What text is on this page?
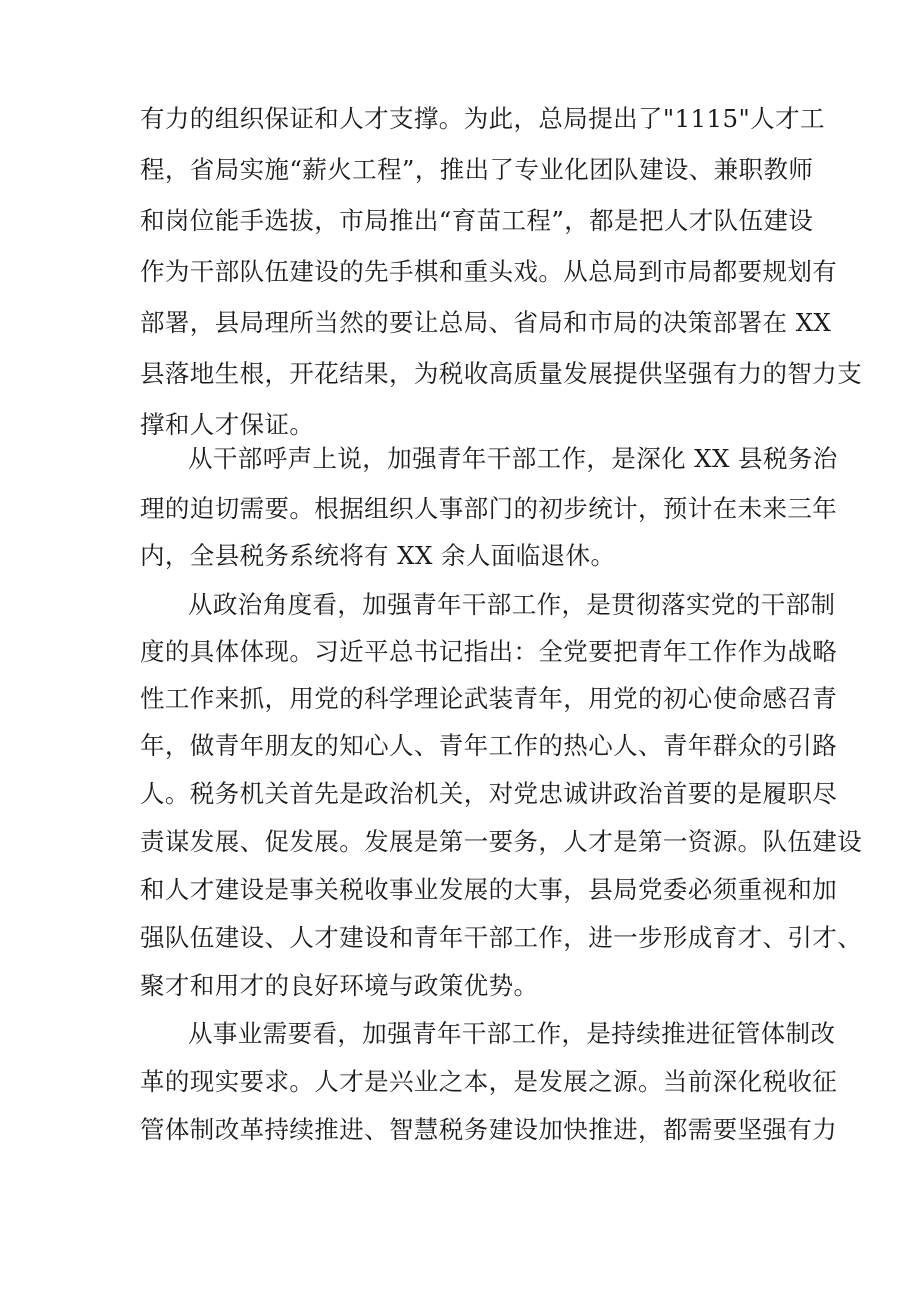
有力的组织保证和人才支撑。为此，总局提出了"1115"人才工
程，省局实施“薪火工程”，推出了专业化团队建设、兼职教师
和岗位能手选拔，市局推出“育苗工程”，都是把人才队伍建设
作为干部队伍建设的先手棋和重头戏。从总局到市局都要规划有
部署，县局理所当然的要让总局、省局和市局的决策部署在 XX
县落地生根，开花结果，为税收高质量发展提供坚强有力的智力支
撑和人才保证。
从干部呼声上说，加强青年干部工作，是深化 XX 县税务治
理的迫切需要。根据组织人事部门的初步统计，预计在未来三年
内，全县税务系统将有 XX 余人面临退休。
从政治角度看，加强青年干部工作，是贯彻落实党的干部制
度的具体体现。习近平总书记指出：全党要把青年工作作为战略
性工作来抓，用党的科学理论武装青年，用党的初心使命感召青
年，做青年朋友的知心人、青年工作的热心人、青年群众的引路
人。税务机关首先是政治机关，对党忠诚讲政治首要的是履职尽
责谋发展、促发展。发展是第一要务，人才是第一资源。队伍建设
和人才建设是事关税收事业发展的大事，县局党委必须重视和加
强队伍建设、人才建设和青年干部工作，进一步形成育才、引才、
聚才和用才的良好环境与政策优势。
从事业需要看，加强青年干部工作，是持续推进征管体制改
革的现实要求。人才是兴业之本，是发展之源。当前深化税收征
管体制改革持续推进、智慧税务建设加快推进，都需要坚强有力
